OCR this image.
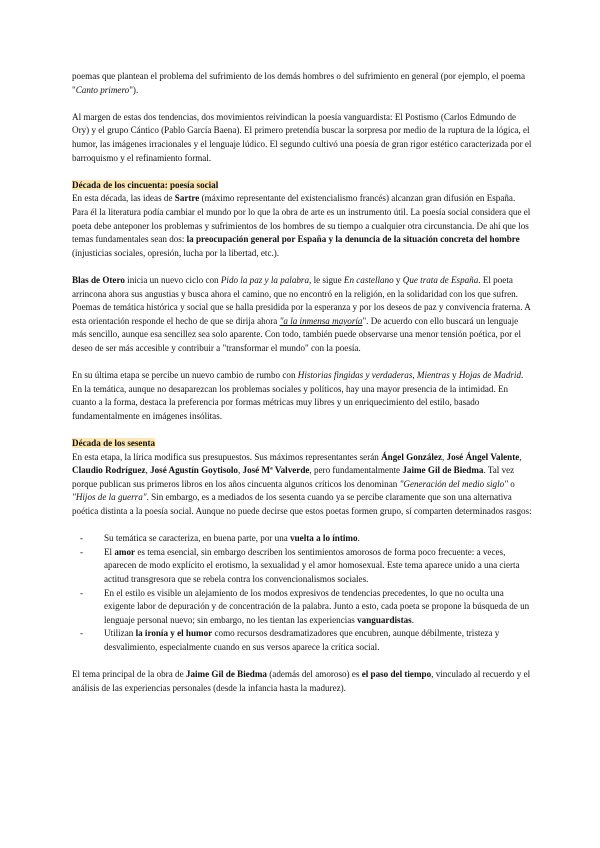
poemas que plantean el problema del sufrimiento de los demás hombres o del sufrimiento en general (por ejemplo, el poema "Canto primero").

Al margen de estas dos tendencias, dos movimientos reivindican la poesía vanguardista: El Postismo (Carlos Edmundo de Ory) y el grupo Cántico (Pablo García Baena). El primero pretendía buscar la sorpresa por medio de la ruptura de la lógica, el humor, las imágenes irracionales y el lenguaje lúdico. El segundo cultivó una poesía de gran rigor estético caracterizada por el barroquismo y el refinamiento formal.

Década de los cincuenta: poesía social

En esta década, las ideas de Sartre (máximo representante del existencialismo francés) alcanzan gran difusión en España. Para él la literatura podía cambiar el mundo por lo que la obra de arte es un instrumento útil. La poesía social considera que el poeta debe anteponer los problemas y sufrimientos de los hombres de su tiempo a cualquier otra circunstancia. De ahí que los temas fundamentales sean dos: la preocupación general por España y la denuncia de la situación concreta del hombre (injusticias sociales, opresión, lucha por la libertad, etc.).

Blas de Otero inicia un nuevo ciclo con Pido la paz y la palabra, le sigue En castellano y Que trata de España. El poeta arrincona ahora sus angustias y busca ahora el camino, que no encontró en la religión, en la solidaridad con los que sufren. Poemas de temática histórica y social que se halla presidida por la esperanza y por los deseos de paz y convivencia fraterna. A esta orientación responde el hecho de que se dirija ahora "a la inmensa mayoría". De acuerdo con ello buscará un lenguaje más sencillo, aunque esa sencillez sea solo aparente. Con todo, también puede observarse una menor tensión poética, por el deseo de ser más accesible y contribuir a "transformar el mundo" con la poesía.

En su última etapa se percibe un nuevo cambio de rumbo con Historias fingidas y verdaderas, Mientras y Hojas de Madrid. En la temática, aunque no desaparezcan los problemas sociales y políticos, hay una mayor presencia de la intimidad. En cuanto a la forma, destaca la preferencia por formas métricas muy libres y un enriquecimiento del estilo, basado fundamentalmente en imágenes insólitas.

Década de los sesenta

En esta etapa, la lírica modifica sus presupuestos. Sus máximos representantes serán Ángel González, José Ángel Valente, Claudio Rodríguez, José Agustín Goytisolo, José Mª Valverde, pero fundamentalmente Jaime Gil de Biedma. Tal vez porque publican sus primeros libros en los años cincuenta algunos críticos los denominan "Generación del medio siglo" o "Hijos de la guerra". Sin embargo, es a mediados de los sesenta cuando ya se percibe claramente que son una alternativa poética distinta a la poesía social. Aunque no puede decirse que estos poetas formen grupo, sí comparten determinados rasgos:

- Su temática se caracteriza, en buena parte, por una vuelta a lo íntimo.
- El amor es tema esencial, sin embargo describen los sentimientos amorosos de forma poco frecuente: a veces, aparecen de modo explícito el erotismo, la sexualidad y el amor homosexual. Este tema aparece unido a una cierta actitud transgresora que se rebela contra los convencionalismos sociales.
- En el estilo es visible un alejamiento de los modos expresivos de tendencias precedentes, lo que no oculta una exigente labor de depuración y de concentración de la palabra. Junto a esto, cada poeta se propone la búsqueda de un lenguaje personal nuevo; sin embargo, no les tientan las experiencias vanguardistas.
- Utilizan la ironía y el humor como recursos desdramatizadores que encubren, aunque débilmente, tristeza y desvalimiento, especialmente cuando en sus versos aparece la crítica social.

El tema principal de la obra de Jaime Gil de Biedma (además del amoroso) es el paso del tiempo, vinculado al recuerdo y el análisis de las experiencias personales (desde la infancia hasta la madurez).
